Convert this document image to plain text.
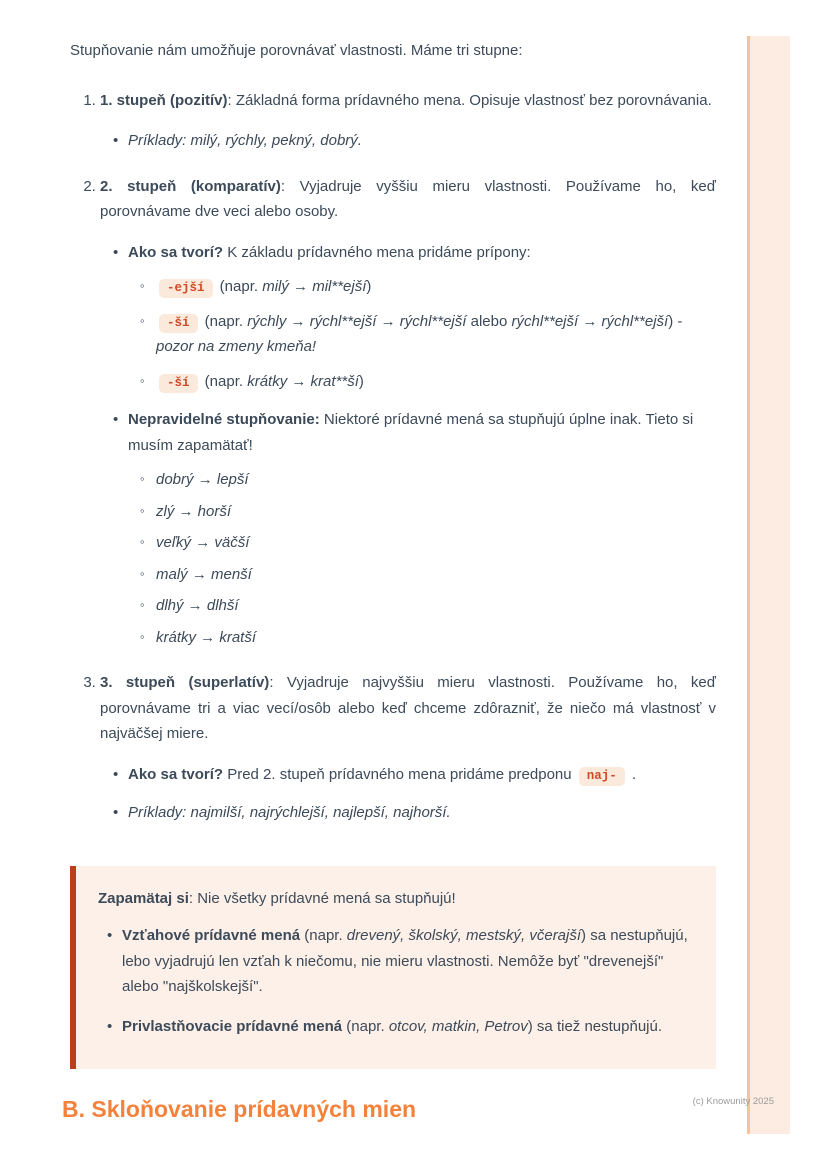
Stupňovanie nám umožňuje porovnávať vlastnosti. Máme tri stupne:

1. 1. stupeň (pozitív): Základná forma prídavného mena. Opisuje vlastnosť bez porovnávania.

• Príklady: milý, rýchly, pekný, dobrý.

2. 2. stupeň (komparatív): Vyjadruje vyššiu mieru vlastnosti. Používame ho, keď porovnávame dve veci alebo osoby.

• Ako sa tvorí? K základu prídavného mena pridáme prípony:

◦ -ejší (napr. milý → mil**ejší)

◦ -ší (napr. rýchly → rýchl**ejší → rýchl**ejší alebo rýchl**ejší → rýchl**ejší) - pozor na zmeny kmeňa!

◦ -ší (napr. krátky → krat**ší)

• Nepravidelné stupňovanie: Niektoré prídavné mená sa stupňujú úplne inak. Tieto si musím zapamätať!

◦ dobrý → lepší

◦ zlý → horší

◦ veľký → väčší

◦ malý → menší

◦ dlhý → dlhší

◦ krátky → kratší

3. 3. stupeň (superlatív): Vyjadruje najvyššiu mieru vlastnosti. Používame ho, keď porovnávame tri a viac vecí/osôb alebo keď chceme zdôrazniť, že niečo má vlastnosť v najväčšej miere.

• Ako sa tvorí? Pred 2. stupeň prídavného mena pridáme predponu naj- .

• Príklady: najmilší, najrýchlejší, najlepší, najhorší.

Zapamätaj si: Nie všetky prídavné mená sa stupňujú!

• Vzťahové prídavné mená (napr. drevený, školský, mestský, včerajší) sa nestupňujú, lebo vyjadrujú len vzťah k niečomu, nie mieru vlastnosti. Nemôže byť "drevenejší" alebo "najškolskejší".

• Privlastňovacie prídavné mená (napr. otcov, matkin, Petrov) sa tiež nestupňujú.

B. Skloňovanie prídavných mien	(c) Knowunity 2025
